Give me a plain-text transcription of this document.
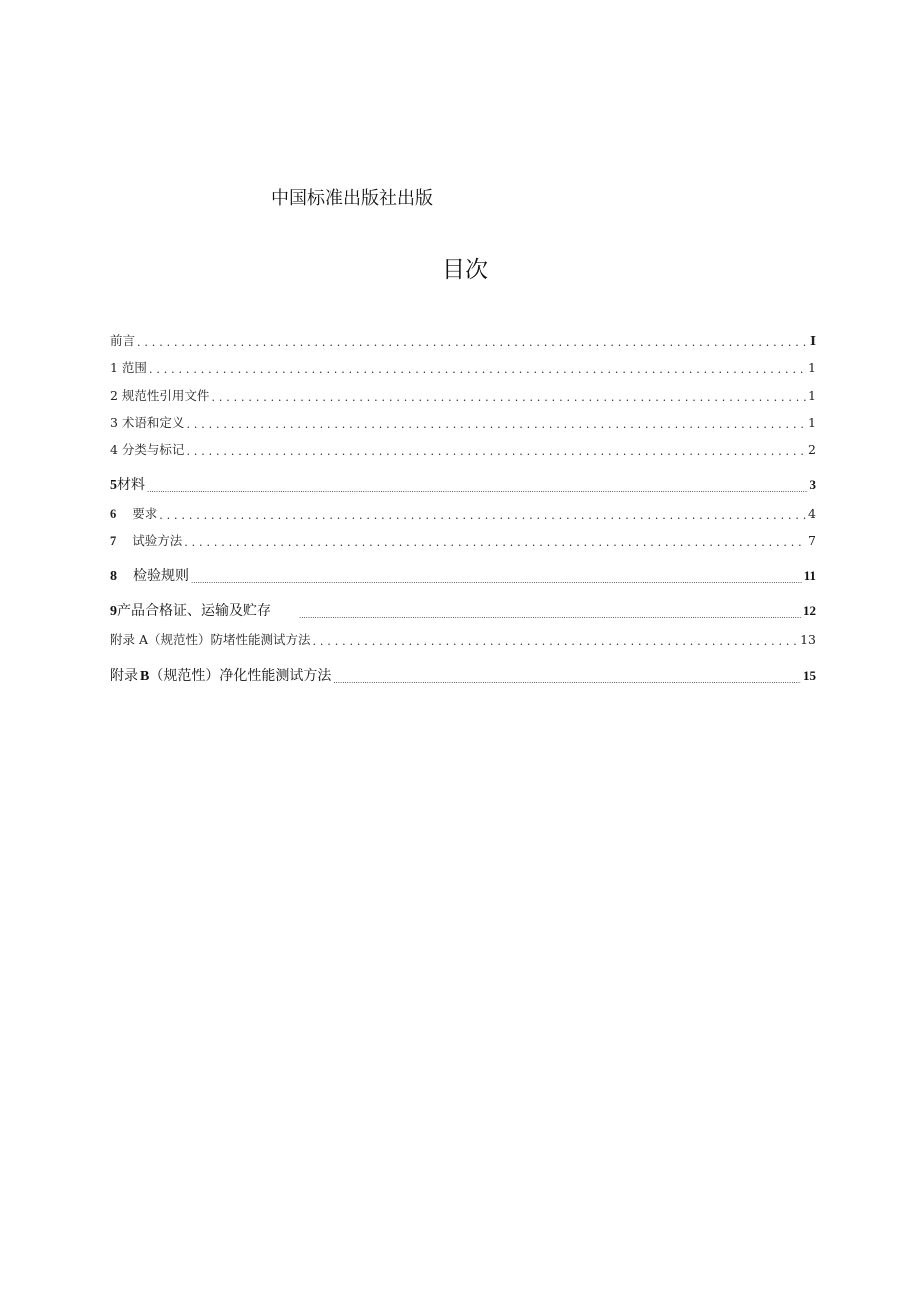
中国标准出版社出版
目次
前言 .....	I
1 范围 .....	1
2 规范性引用文件 .....	1
3 术语和定义 .....	1
4 分类与标记 .....	2
5材料 .....	3
6 要求 .....	4
7 试验方法 .....	7
8 检验规则 .....	11
9产品合格证、运输及贮存 .....	12
附录 A（规范性）防堵性能测试方法 .....	13
附录 B（规范性）净化性能测试方法 .....	15
